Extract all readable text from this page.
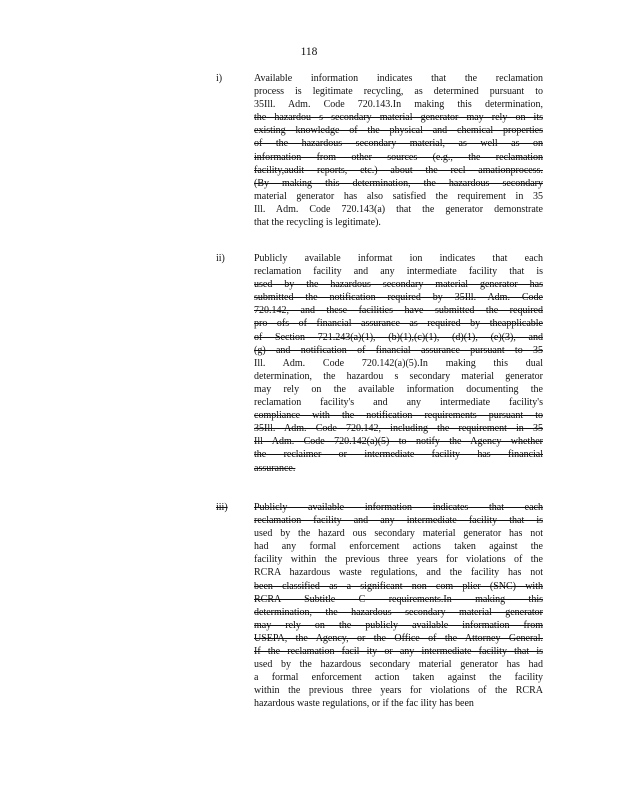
118
i)	Available information indicates that the reclamation
process is legitimate recycling, as determined pursuant to
35Ill. Adm. Code 720.143.In making this determination,
the hazardou s secondary material generator may rely on its
existing knowledge of the physical and chemical properties
of the hazardous secondary material, as well as on
information from other sources (e.g., the reclamation
facility,audit reports, etc.) about the recl amationprocess.
(By making this determination, the hazardous secondary
material generator has also satisfied the requirement in 35
Ill. Adm. Code 720.143(a) that the generator demonstrate
that the recycling is legitimate).
ii)	Publicly available informat ion indicates that each
reclamation facility and any intermediate facility that is
used by the hazardous secondary material generator has
submitted the notification required by 35Ill. Adm. Code
720.142, and these facilities have submitted the required
pro ofs of financial assurance as required by theapplicable
of Section 721.243(a)(1), (b)(1),(c)(1), (d)(1), (e)(3), and
(g) and notification of financial assurance pursuant to 35
Ill. Adm. Code 720.142(a)(5).In making this dual
determination, the hazardou s secondary material generator
may rely on the available information documenting the
reclamation facility's and any intermediate facility's
compliance with the notification requirements pursuant to
35Ill. Adm. Code 720.142, including the requirement in 35
Ill Adm. Code 720.142(a)(5) to notify the Agency whether
the reclaimer or intermediate facility has financial
assurance.
iii)	Publicly available information indicates that each
reclamation facility and any intermediate facility that is
used by the hazard ous secondary material generator has not
had any formal enforcement actions taken against the
facility within the previous three years for violations of the
RCRA hazardous waste regulations, and the facility has not
been classified as a significant non com plier (SNC) with
RCRA Subtitle C requirements.In making this
determination, the hazardous secondary material generator
may rely on the publicly available information from
USEPA, the Agency, or the Office of the Attorney General.
If the reclamation facil ity or any intermediate facility that is
used by the hazardous secondary material generator has had
a formal enforcement action taken against the facility
within the previous three years for violations of the RCRA
hazardous waste regulations, or if the fac ility has been
